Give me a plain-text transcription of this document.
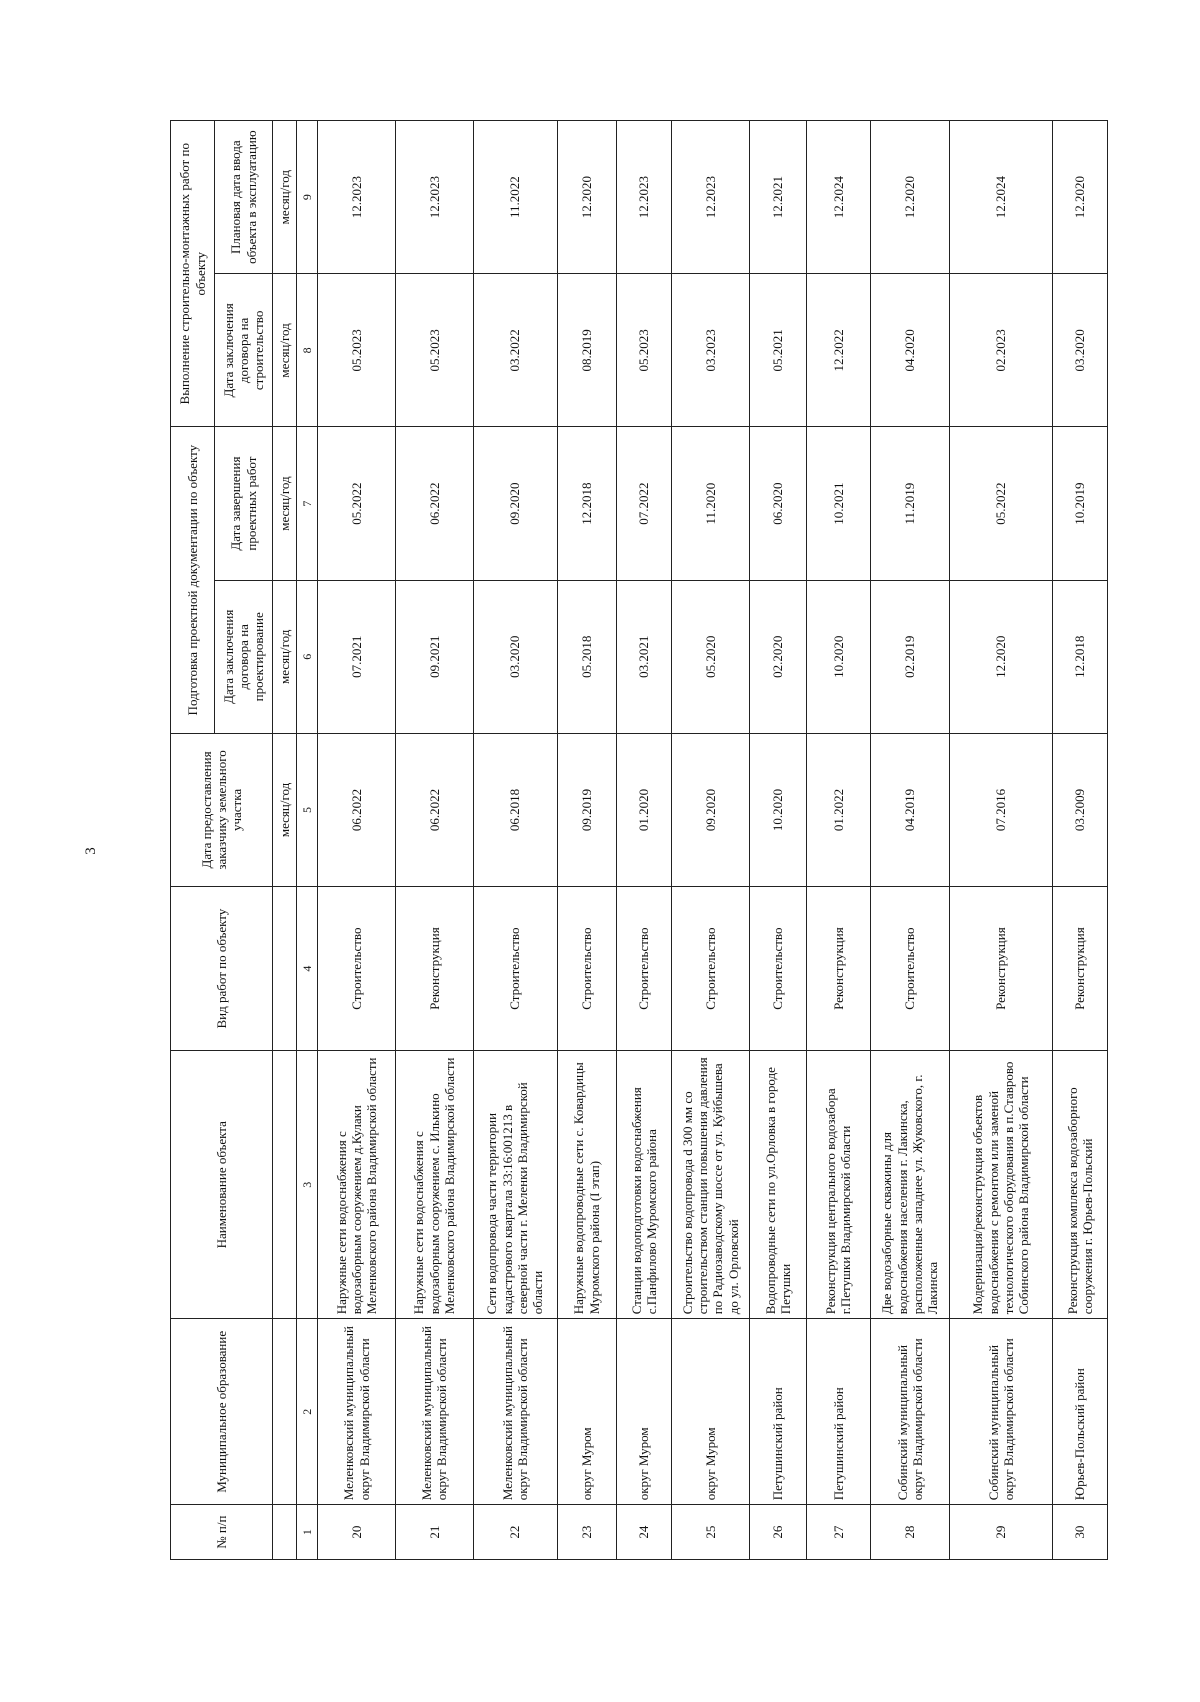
3
№ п/п	Муниципальное образование	Наименование объекта	Вид работ по объекту	Дата предоставления заказчику земельного участка	Подготовка проектной документации по объекту		Выполнение строительно-монтажных работ по объекту	
					Дата заключения договора на проектирование	Дата завершения проектных работ	Дата заключения договора на строительство	Плановая дата ввода объекта в эксплуатацию
				месяц/год	месяц/год	месяц/год	месяц/год	месяц/год
1	2	3	4	5	6	7	8	9
20	Меленковский муниципальный округ Владимирской области	Наружные сети водоснабжения с водозаборным сооружением д.Кулаки Меленковского района Владимирской области	Строительство	06.2022	07.2021	05.2022	05.2023	12.2023
21	Меленковский муниципальный округ Владимирской области	Наружные сети водоснабжения с водозаборным сооружением с. Илькино Меленковского района Владимирской области	Реконструкция	06.2022	09.2021	06.2022	05.2023	12.2023
22	Меленковский муниципальный округ Владимирской области	Сети водопровода части территории кадастрового квартала 33:16:001213 в северной части г. Меленки Владимирской области	Строительство	06.2018	03.2020	09.2020	03.2022	11.2022
23	округ Муром	Наружные водопроводные сети с. Ковардицы Муромского района (I этап)	Строительство	09.2019	05.2018	12.2018	08.2019	12.2020
24	округ Муром	Станции водоподготовки водоснабжения с.Панфилово Муромского района	Строительство	01.2020	03.2021	07.2022	05.2023	12.2023
25	округ Муром	Строительство водопровода d 300 мм со строительством станции повышения давления по Радиозаводскому шоссе от ул. Куйбышева до ул. Орловской	Строительство	09.2020	05.2020	11.2020	03.2023	12.2023
26	Петушинский район	Водопроводные сети по ул.Орловка в городе Петушки	Строительство	10.2020	02.2020	06.2020	05.2021	12.2021
27	Петушинский район	Реконструкция центрального водозабора г.Петушки Владимирской области	Реконструкция	01.2022	10.2020	10.2021	12.2022	12.2024
28	Собинский муниципальный округ Владимирской области	Две водозаборные скважины для водоснабжения населения г. Лакинска, расположенные западнее ул. Жуковского, г. Лакинска	Строительство	04.2019	02.2019	11.2019	04.2020	12.2020
29	Собинский муниципальный округ Владимирской области	Модернизация/реконструкция объектов водоснабжения с ремонтом или заменой технологического оборудования в п.Ставрово Собинского района Владимирской области	Реконструкция	07.2016	12.2020	05.2022	02.2023	12.2024
30	Юрьев-Польский район	Реконструкция комплекса водозаборного сооружения г. Юрьев-Польский	Реконструкция	03.2009	12.2018	10.2019	03.2020	12.2020
